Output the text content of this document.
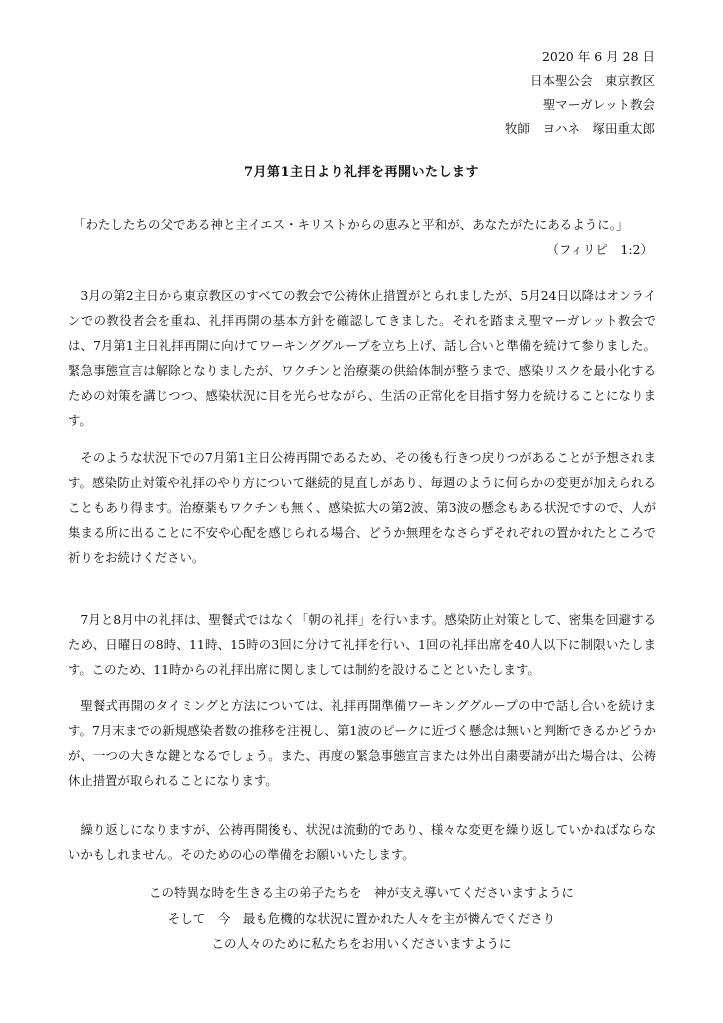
2020 年 6 月 28 日
日本聖公会　東京教区
聖マーガレット教会
牧師　ヨハネ　塚田重太郎
7月第1主日より礼拝を再開いたします
「わたしたちの父である神と主イエス・キリストからの恵みと平和が、あなたがたにあるように。」
（フィリピ　1:2）

3月の第2主日から東京教区のすべての教会で公祷休止措置がとられましたが、5月24日以降はオンラインでの教役者会を重ね、礼拝再開の基本方針を確認してきました。それを踏まえ聖マーガレット教会では、7月第1主日礼拝再開に向けてワーキンググループを立ち上げ、話し合いと準備を続けて参りました。緊急事態宣言は解除となりましたが、ワクチンと治療薬の供給体制が整うまで、感染リスクを最小化するための対策を講じつつ、感染状況に目を光らせながら、生活の正常化を目指す努力を続けることになります。

そのような状況下での7月第1主日公祷再開であるため、その後も行きつ戻りつがあることが予想されます。感染防止対策や礼拝のやり方について継続的見直しがあり、毎週のように何らかの変更が加えられることもあり得ます。治療薬もワクチンも無く、感染拡大の第2波、第3波の懸念もある状況ですので、人が集まる所に出ることに不安や心配を感じられる場合、どうか無理をなさらずそれぞれの置かれたところで祈りをお続けください。

7月と8月中の礼拝は、聖餐式ではなく「朝の礼拝」を行います。感染防止対策として、密集を回避するため、日曜日の8時、11時、15時の3回に分けて礼拝を行い、1回の礼拝出席を40人以下に制限いたします。このため、11時からの礼拝出席に関しましては制約を設けることといたします。

聖餐式再開のタイミングと方法については、礼拝再開準備ワーキンググループの中で話し合いを続けます。7月末までの新規感染者数の推移を注視し、第1波のピークに近づく懸念は無いと判断できるかどうかが、一つの大きな鍵となるでしょう。また、再度の緊急事態宣言または外出自粛要請が出た場合は、公祷休止措置が取られることになります。

繰り返しになりますが、公祷再開後も、状況は流動的であり、様々な変更を繰り返していかねばならないかもしれません。そのための心の準備をお願いいたします。

この特異な時を生きる主の弟子たちを　神が支え導いてくださいますように
そして　今　最も危機的な状況に置かれた人々を主が憐んでくださり
この人々のために私たちをお用いくださいますように
